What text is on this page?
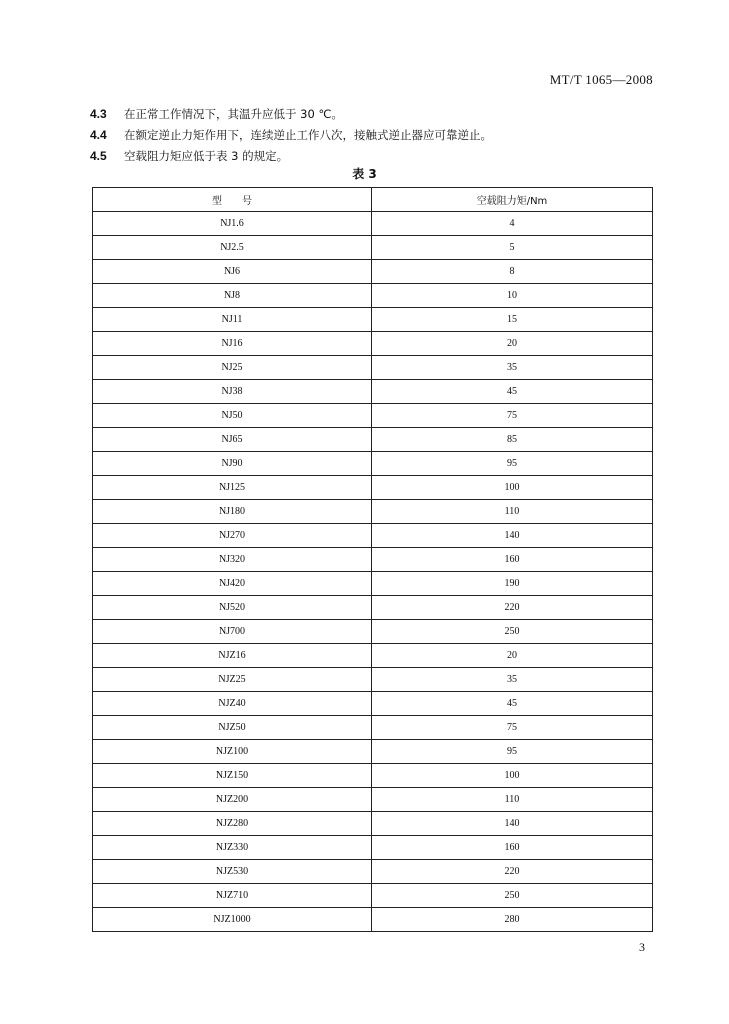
MT/T 1065—2008
4.3 在正常工作情况下，其温升应低于 30 ℃。
4.4 在额定逆止力矩作用下，连续逆止工作八次，接触式逆止器应可靠逆止。
4.5 空载阻力矩应低于表 3 的规定。
表 3
型　　号	空载阻力矩/Nm
NJ1.6	4
NJ2.5	5
NJ6	8
NJ8	10
NJ11	15
NJ16	20
NJ25	35
NJ38	45
NJ50	75
NJ65	85
NJ90	95
NJ125	100
NJ180	110
NJ270	140
NJ320	160
NJ420	190
NJ520	220
NJ700	250
NJZ16	20
NJZ25	35
NJZ40	45
NJZ50	75
NJZ100	95
NJZ150	100
NJZ200	110
NJZ280	140
NJZ330	160
NJZ530	220
NJZ710	250
NJZ1000	280
3
